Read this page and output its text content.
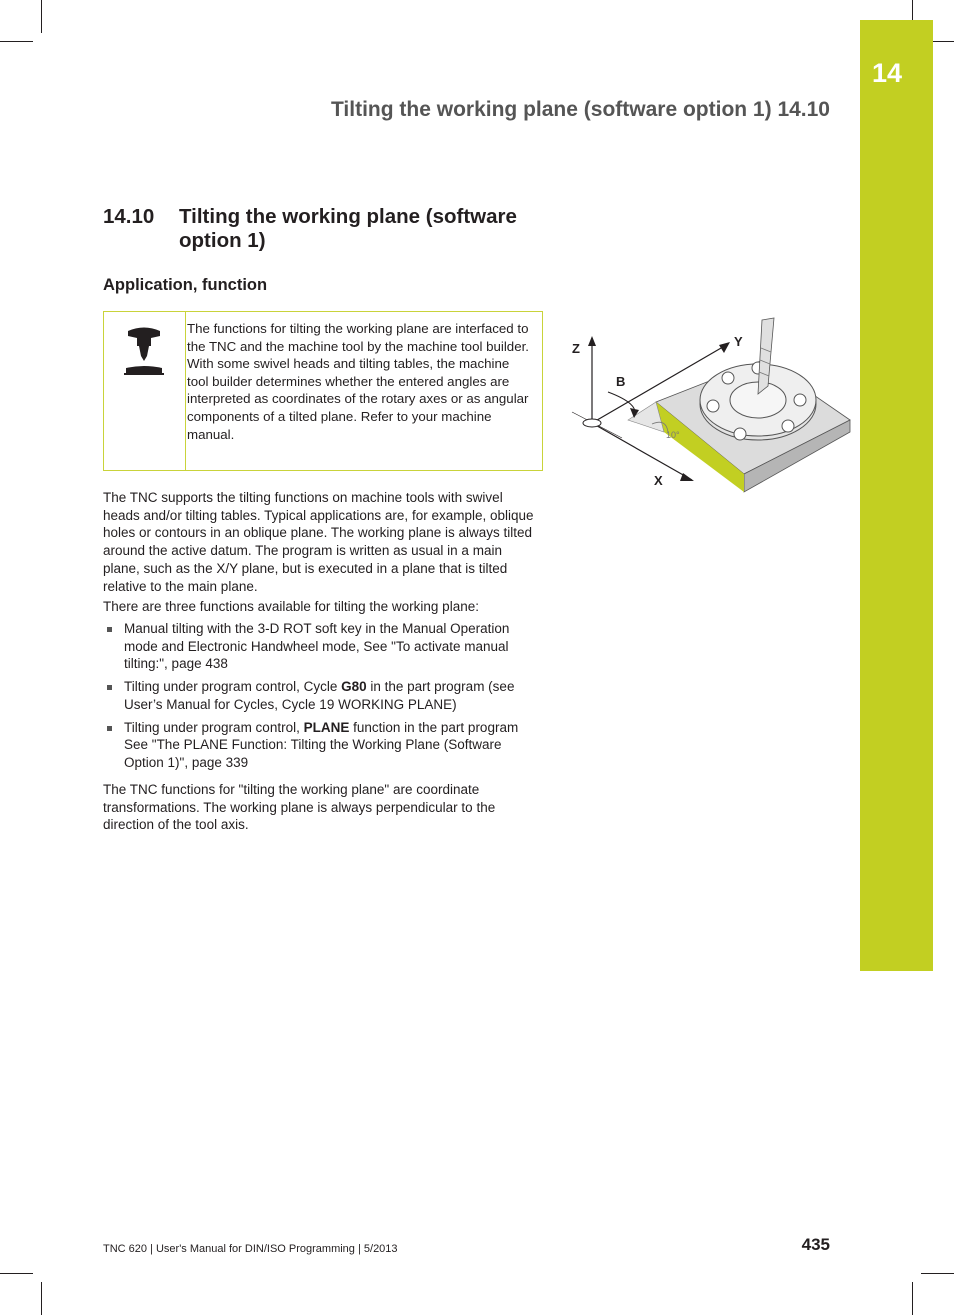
14
Tilting the working plane (software option 1) 14.10
14.10	Tilting the working plane (software option 1)
Application, function
The functions for tilting the working plane are interfaced to the TNC and the machine tool by the machine tool builder. With some swivel heads and tilting tables, the machine tool builder determines whether the entered angles are interpreted as coordinates of the rotary axes or as angular components of a tilted plane. Refer to your machine manual.
The TNC supports the tilting functions on machine tools with swivel heads and/or tilting tables. Typical applications are, for example, oblique holes or contours in an oblique plane. The working plane is always tilted around the active datum. The program is written as usual in a main plane, such as the X/Y plane, but is executed in a plane that is tilted relative to the main plane.
There are three functions available for tilting the working plane:
Manual tilting with the 3-D ROT soft key in the Manual Operation mode and Electronic Handwheel mode, See "To activate manual tilting:", page 438
Tilting under program control, Cycle G80 in the part program (see User’s Manual for Cycles, Cycle 19 WORKING PLANE)
Tilting under program control, PLANE function in the part program See "The PLANE Function: Tilting the Working Plane (Software Option 1)", page 339
The TNC functions for "tilting the working plane" are coordinate transformations. The working plane is always perpendicular to the direction of the tool axis.
10°
Z	Y
X
B
TNC 620 | User's Manual for DIN/ISO Programming | 5/2013	435
